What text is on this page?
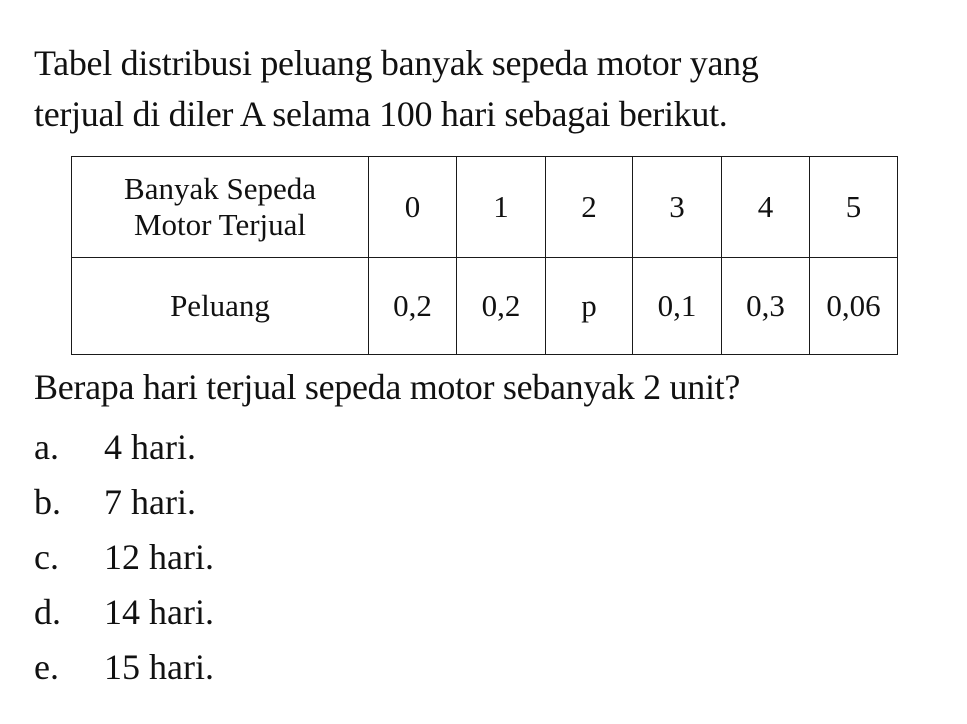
Tabel distribusi peluang banyak sepeda motor yang
terjual di diler A selama 100 hari sebagai berikut.
Banyak Sepeda
Motor Terjual	0	1	2	3	4	5
Peluang	0,2	0,2	p	0,1	0,3	0,06

Berapa hari terjual sepeda motor sebanyak 2 unit?

a. 4 hari.
b. 7 hari.
c. 12 hari.
d. 14 hari.
e. 15 hari.
